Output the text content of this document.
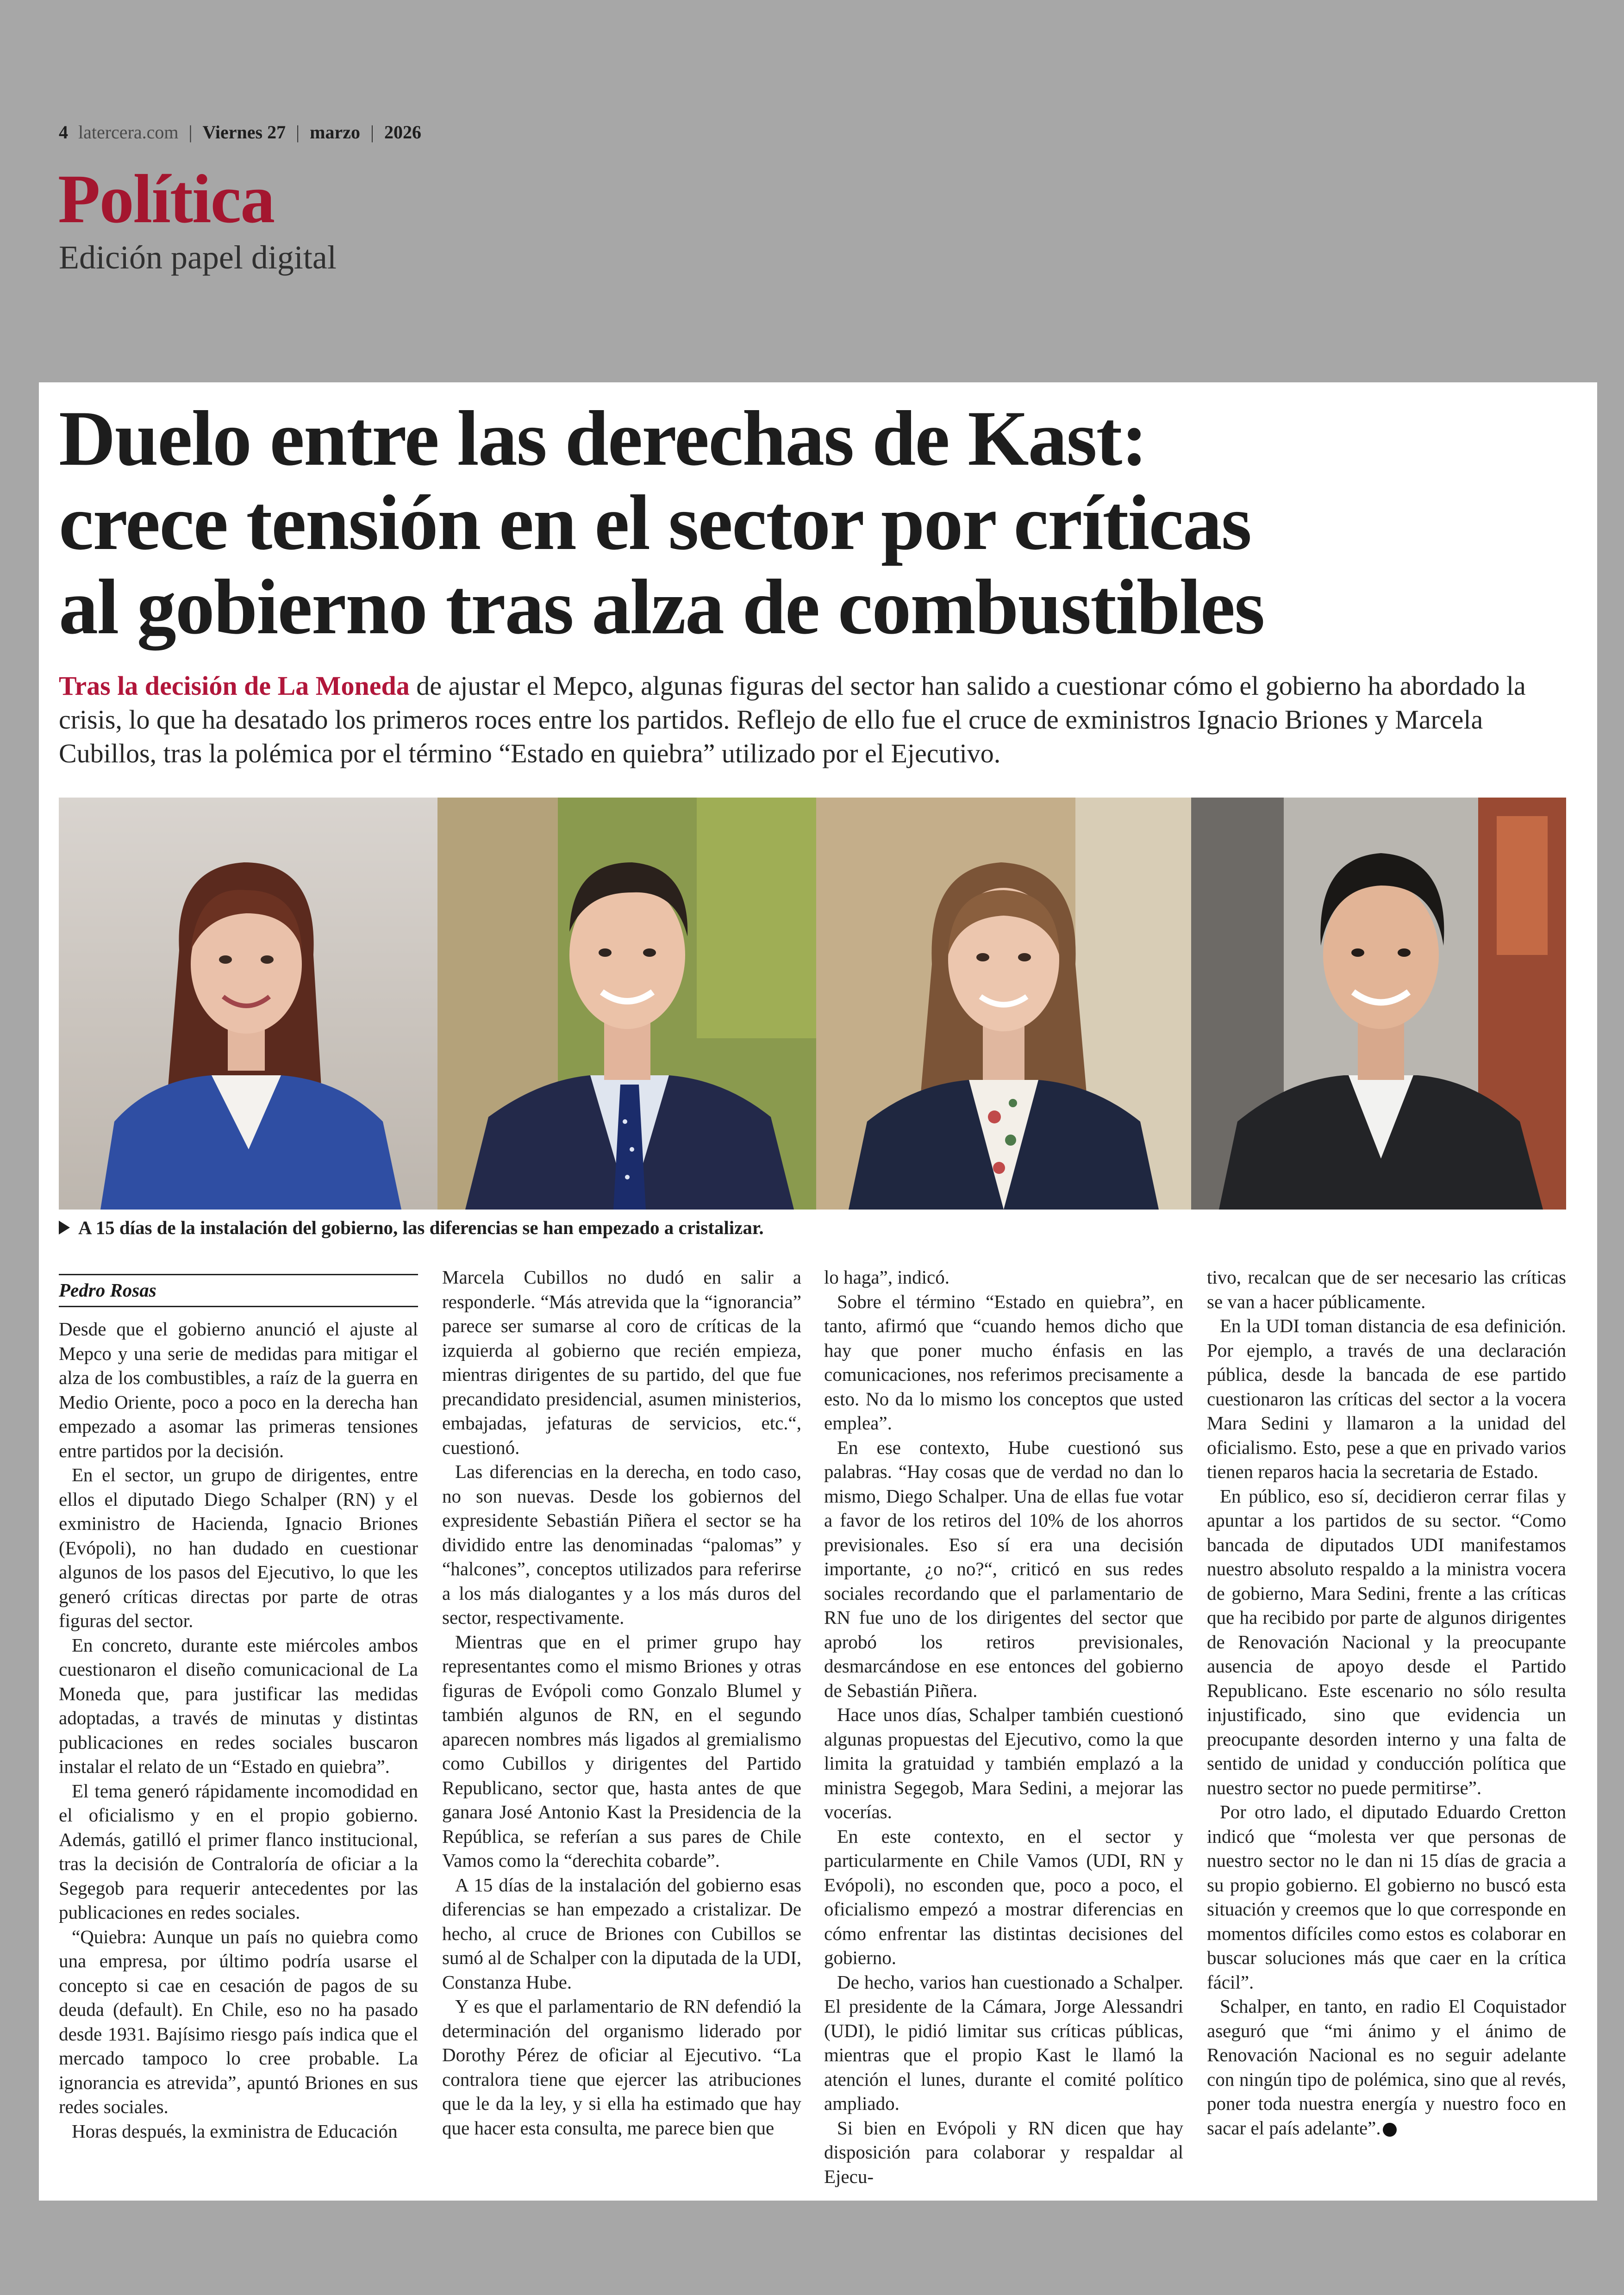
4 latercera.com | Viernes 27 | marzo | 2026
Política
Edición papel digital
Duelo entre las derechas de Kast:
crece tensión en el sector por críticas
al gobierno tras alza de combustibles
Tras la decisión de La Moneda de ajustar el Mepco, algunas figuras del sector han salido a cuestionar cómo el gobierno ha abordado la crisis, lo que ha desatado los primeros roces entre los partidos. Reflejo de ello fue el cruce de exministros Ignacio Briones y Marcela Cubillos, tras la polémica por el término “Estado en quiebra” utilizado por el Ejecutivo.
A 15 días de la instalación del gobierno, las diferencias se han empezado a cristalizar.
Pedro Rosas

Desde que el gobierno anunció el ajuste al Mepco y una serie de medidas para mitigar el alza de los combustibles, a raíz de la guerra en Medio Oriente, poco a poco en la derecha han empezado a asomar las primeras tensiones entre partidos por la decisión.

En el sector, un grupo de dirigentes, entre ellos el diputado Diego Schalper (RN) y el exministro de Hacienda, Ignacio Briones (Evópoli), no han dudado en cuestionar algunos de los pasos del Ejecutivo, lo que les generó críticas directas por parte de otras figuras del sector.

En concreto, durante este miércoles ambos cuestionaron el diseño comunicacional de La Moneda que, para justificar las medidas adoptadas, a través de minutas y distintas publicaciones en redes sociales buscaron instalar el relato de un “Estado en quiebra”.

El tema generó rápidamente incomodidad en el oficialismo y en el propio gobierno. Además, gatilló el primer flanco institucional, tras la decisión de Contraloría de oficiar a la Segegob para requerir antecedentes por las publicaciones en redes sociales.

“Quiebra: Aunque un país no quiebra como una empresa, por último podría usarse el concepto si cae en cesación de pagos de su deuda (default). En Chile, eso no ha pasado desde 1931. Bajísimo riesgo país indica que el mercado tampoco lo cree probable. La ignorancia es atrevida”, apuntó Briones en sus redes sociales.

Horas después, la exministra de Educación

Marcela Cubillos no dudó en salir a responderle. “Más atrevida que la “ignorancia” parece ser sumarse al coro de críticas de la izquierda al gobierno que recién empieza, mientras dirigentes de su partido, del que fue precandidato presidencial, asumen ministerios, embajadas, jefaturas de servicios, etc.“, cuestionó.

Las diferencias en la derecha, en todo caso, no son nuevas. Desde los gobiernos del expresidente Sebastián Piñera el sector se ha dividido entre las denominadas “palomas” y “halcones”, conceptos utilizados para referirse a los más dialogantes y a los más duros del sector, respectivamente.

Mientras que en el primer grupo hay representantes como el mismo Briones y otras figuras de Evópoli como Gonzalo Blumel y también algunos de RN, en el segundo aparecen nombres más ligados al gremialismo como Cubillos y dirigentes del Partido Republicano, sector que, hasta antes de que ganara José Antonio Kast la Presidencia de la República, se referían a sus pares de Chile Vamos como la “derechita cobarde”.

A 15 días de la instalación del gobierno esas diferencias se han empezado a cristalizar. De hecho, al cruce de Briones con Cubillos se sumó al de Schalper con la diputada de la UDI, Constanza Hube.

Y es que el parlamentario de RN defendió la determinación del organismo liderado por Dorothy Pérez de oficiar al Ejecutivo. “La contralora tiene que ejercer las atribuciones que le da la ley, y si ella ha estimado que hay que hacer esta consulta, me parece bien que

lo haga”, indicó.

Sobre el término “Estado en quiebra”, en tanto, afirmó que “cuando hemos dicho que hay que poner mucho énfasis en las comunicaciones, nos referimos precisamente a esto. No da lo mismo los conceptos que usted emplea”.

En ese contexto, Hube cuestionó sus palabras. “Hay cosas que de verdad no dan lo mismo, Diego Schalper. Una de ellas fue votar a favor de los retiros del 10% de los ahorros previsionales. Eso sí era una decisión importante, ¿o no?“, criticó en sus redes sociales recordando que el parlamentario de RN fue uno de los dirigentes del sector que aprobó los retiros previsionales, desmarcándose en ese entonces del gobierno de Sebastián Piñera.

Hace unos días, Schalper también cuestionó algunas propuestas del Ejecutivo, como la que limita la gratuidad y también emplazó a la ministra Segegob, Mara Sedini, a mejorar las vocerías.

En este contexto, en el sector y particularmente en Chile Vamos (UDI, RN y Evópoli), no esconden que, poco a poco, el oficialismo empezó a mostrar diferencias en cómo enfrentar las distintas decisiones del gobierno.

De hecho, varios han cuestionado a Schalper. El presidente de la Cámara, Jorge Alessandri (UDI), le pidió limitar sus críticas públicas, mientras que el propio Kast le llamó la atención el lunes, durante el comité político ampliado.

Si bien en Evópoli y RN dicen que hay disposición para colaborar y respaldar al Ejecu-

tivo, recalcan que de ser necesario las críticas se van a hacer públicamente.

En la UDI toman distancia de esa definición. Por ejemplo, a través de una declaración pública, desde la bancada de ese partido cuestionaron las críticas del sector a la vocera Mara Sedini y llamaron a la unidad del oficialismo. Esto, pese a que en privado varios tienen reparos hacia la secretaria de Estado.

En público, eso sí, decidieron cerrar filas y apuntar a los partidos de su sector. “Como bancada de diputados UDI manifestamos nuestro absoluto respaldo a la ministra vocera de gobierno, Mara Sedini, frente a las críticas que ha recibido por parte de algunos dirigentes de Renovación Nacional y la preocupante ausencia de apoyo desde el Partido Republicano. Este escenario no sólo resulta injustificado, sino que evidencia un preocupante desorden interno y una falta de sentido de unidad y conducción política que nuestro sector no puede permitirse”.

Por otro lado, el diputado Eduardo Cretton indicó que “molesta ver que personas de nuestro sector no le dan ni 15 días de gracia a su propio gobierno. El gobierno no buscó esta situación y creemos que lo que corresponde en momentos difíciles como estos es colaborar en buscar soluciones más que caer en la crítica fácil”.

Schalper, en tanto, en radio El Coquistador aseguró que “mi ánimo y el ánimo de Renovación Nacional es no seguir adelante con ningún tipo de polémica, sino que al revés, poner toda nuestra energía y nuestro foco en sacar el país adelante”.
